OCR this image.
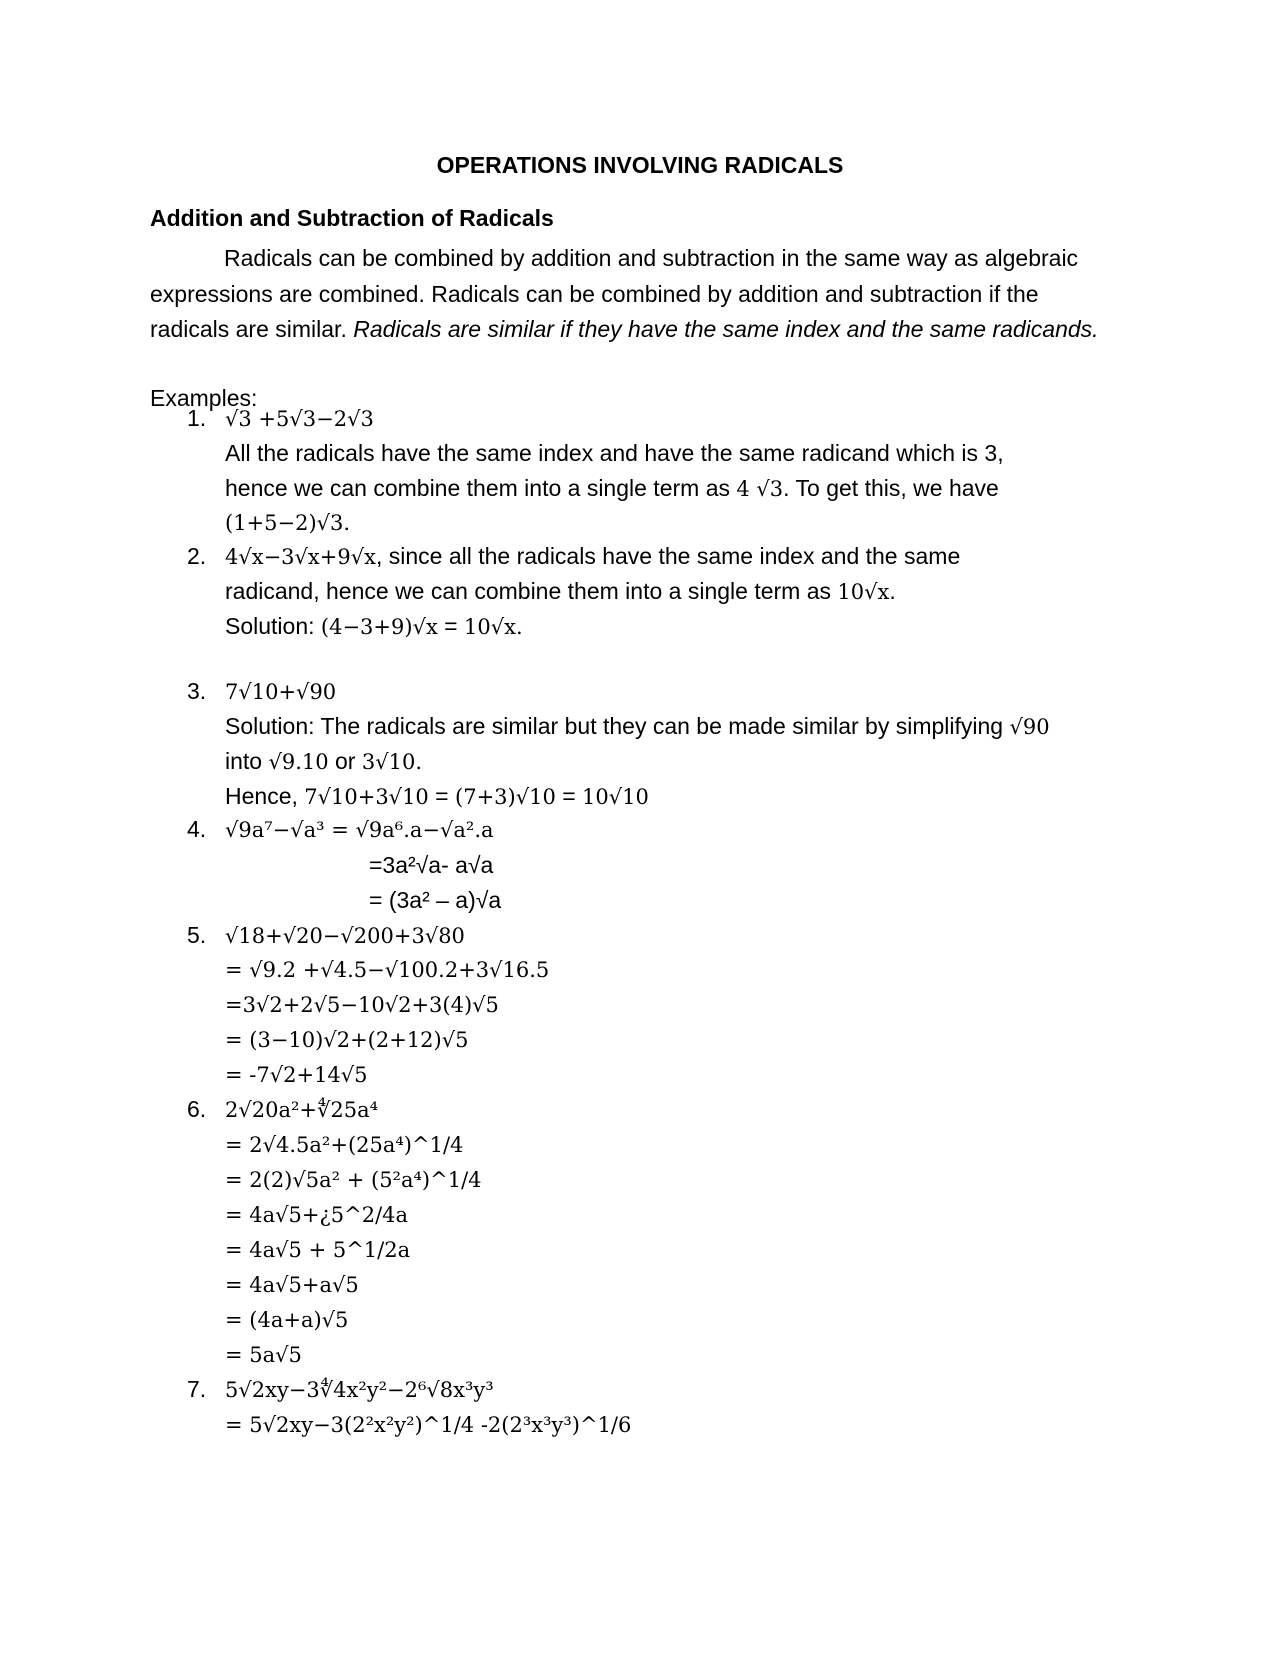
OPERATIONS INVOLVING RADICALS
Addition and Subtraction of Radicals

Radicals can be combined by addition and subtraction in the same way as algebraic expressions are combined. Radicals can be combined by addition and subtraction if the radicals are similar. Radicals are similar if they have the same index and the same radicands.

Examples:
1. √3 +5√3−2√3
All the radicals have the same index and have the same radicand which is 3,
hence we can combine them into a single term as 4 √3. To get this, we have
(1+5−2)√3.
2. 4√x−3√x+9√x, since all the radicals have the same index and the same
radicand, hence we can combine them into a single term as 10√x.
Solution: (4−3+9)√x = 10√x.
3. 7√10+√90
Solution: The radicals are similar but they can be made similar by simplifying √90
into √9.10 or 3√10.
Hence, 7√10+3√10 = (7+3)√10 = 10√10
4. √9a⁷−√a³ = √9a⁶.a−√a².a
=3a²√a- a√a
= (3a² – a)√a
5. √18+√20−√200+3√80
= √9.2 +√4.5−√100.2+3√16.5
=3√2+2√5−10√2+3(4)√5
= (3−10)√2+(2+12)√5
= -7√2+14√5
6. 2√20a²+∜25a⁴
= 2√4.5a²+(25a⁴)^1/4
= 2(2)√5a² + (5²a⁴)^1/4
= 4a√5+¿5^2/4a
= 4a√5 + 5^1/2a
= 4a√5+a√5
= (4a+a)√5
= 5a√5
7. 5√2xy−3∜4x²y²−2⁶√8x³y³
= 5√2xy−3(2²x²y²)^1/4 -2(2³x³y³)^1/6
